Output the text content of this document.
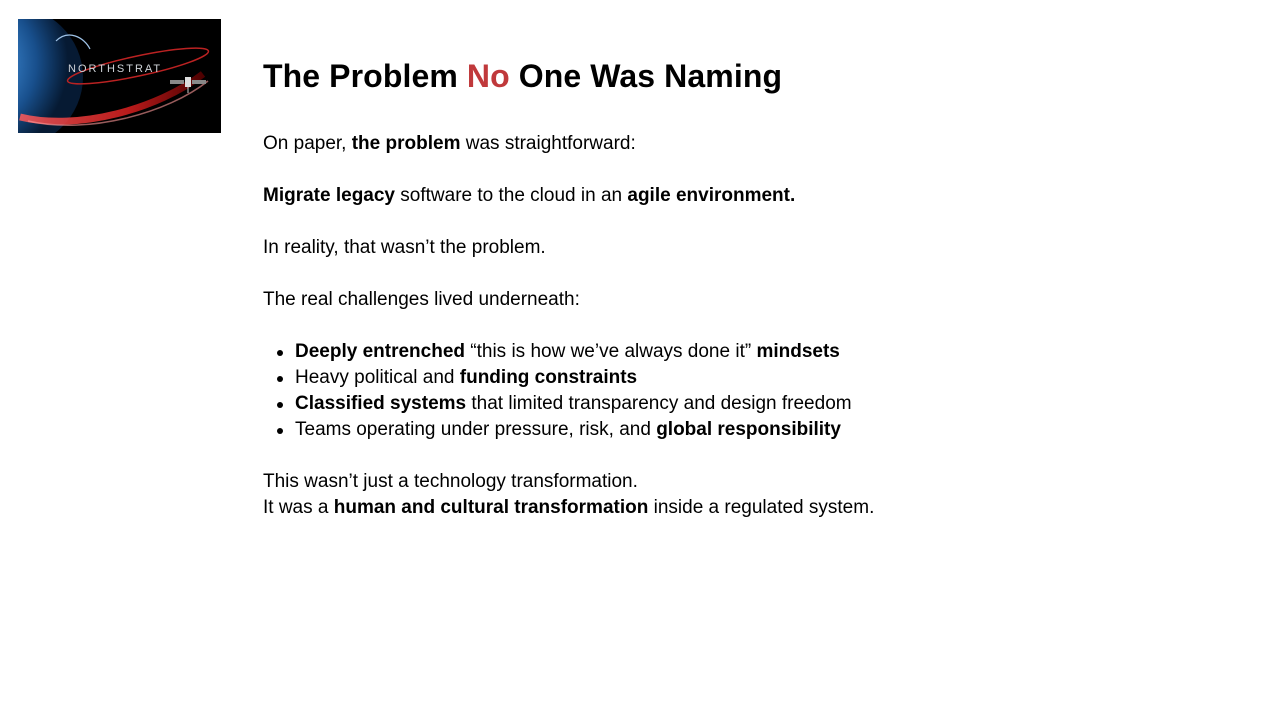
NORTHSTRAT	The Problem No One Was Naming

On paper, the problem was straightforward:

Migrate legacy software to the cloud in an agile environment.

In reality, that wasn’t the problem.

The real challenges lived underneath:

Deeply entrenched “this is how we’ve always done it” mindsets
Heavy political and funding constraints
Classified systems that limited transparency and design freedom
Teams operating under pressure, risk, and global responsibility

This wasn’t just a technology transformation.

It was a human and cultural transformation inside a regulated system.
